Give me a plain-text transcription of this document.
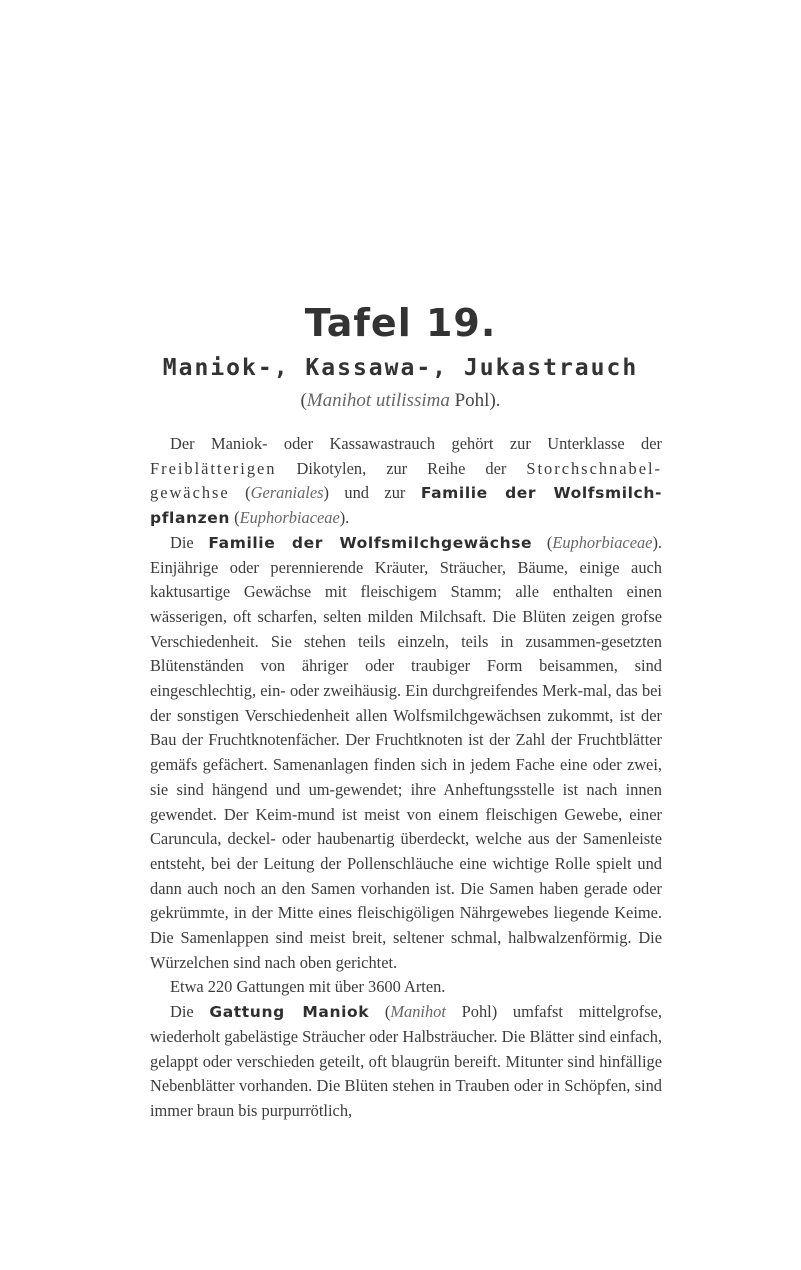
Tafel 19.
Maniok-, Kassawa-, Jukastrauch
(Manihot utilissima Pohl).

Der Maniok- oder Kassawastrauch gehört zur Unterklasse der Freiblätterigen Dikotylen, zur Reihe der Storchschnabel-gewächse (Geraniales) und zur Familie der Wolfsmilch-pflanzen (Euphorbiaceae).

Die Familie der Wolfsmilchgewächse (Euphorbiaceae). Einjährige oder perennierende Kräuter, Sträucher, Bäume, einige auch kaktusartige Gewächse mit fleischigem Stamm; alle enthalten einen wässerigen, oft scharfen, selten milden Milchsaft. Die Blüten zeigen grofse Verschiedenheit. Sie stehen teils einzeln, teils in zusammen-gesetzten Blütenständen von ähriger oder traubiger Form beisammen, sind eingeschlechtig, ein- oder zweihäusig. Ein durchgreifendes Merk-mal, das bei der sonstigen Verschiedenheit allen Wolfsmilchgewächsen zukommt, ist der Bau der Fruchtknotenfächer. Der Fruchtknoten ist der Zahl der Fruchtblätter gemäfs gefächert. Samenanlagen finden sich in jedem Fache eine oder zwei, sie sind hängend und um-gewendet; ihre Anheftungsstelle ist nach innen gewendet. Der Keim-mund ist meist von einem fleischigen Gewebe, einer Caruncula, deckel- oder haubenartig überdeckt, welche aus der Samenleiste entsteht, bei der Leitung der Pollenschläuche eine wichtige Rolle spielt und dann auch noch an den Samen vorhanden ist. Die Samen haben gerade oder gekrümmte, in der Mitte eines fleischigöligen Nährgewebes liegende Keime. Die Samenlappen sind meist breit, seltener schmal, halbwalzenförmig. Die Würzelchen sind nach oben gerichtet.

Etwa 220 Gattungen mit über 3600 Arten.

Die Gattung Maniok (Manihot Pohl) umfafst mittelgrofse, wiederholt gabelästige Sträucher oder Halbsträucher. Die Blätter sind einfach, gelappt oder verschieden geteilt, oft blaugrün bereift. Mitunter sind hinfällige Nebenblätter vorhanden. Die Blüten stehen in Trauben oder in Schöpfen, sind immer braun bis purpurrötlich,
